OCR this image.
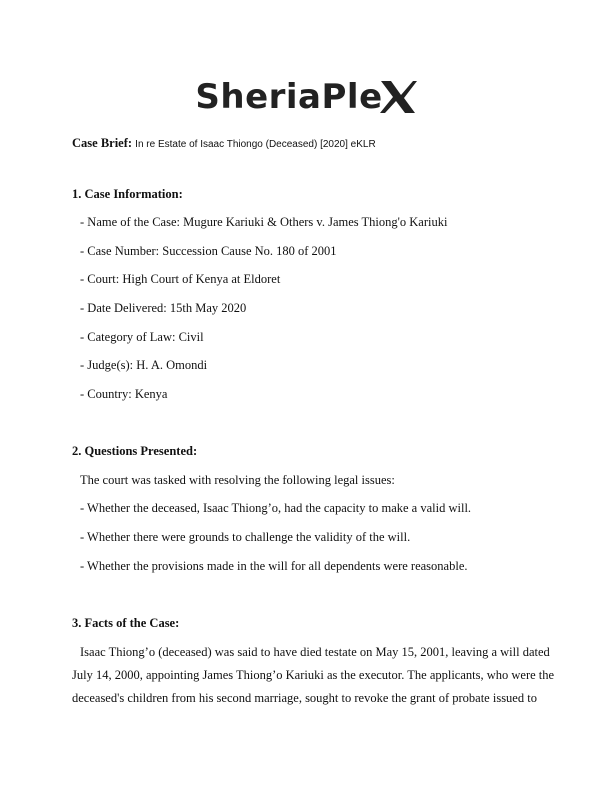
SheriaPle
Case Brief: In re Estate of Isaac Thiongo (Deceased) [2020] eKLR
1. Case Information:
- Name of the Case: Mugure Kariuki & Others v. James Thiong'o Kariuki
- Case Number: Succession Cause No. 180 of 2001
- Court: High Court of Kenya at Eldoret
- Date Delivered: 15th May 2020
- Category of Law: Civil
- Judge(s): H. A. Omondi
- Country: Kenya
2. Questions Presented:
The court was tasked with resolving the following legal issues:
- Whether the deceased, Isaac Thiong’o, had the capacity to make a valid will.
- Whether there were grounds to challenge the validity of the will.
- Whether the provisions made in the will for all dependents were reasonable.
3. Facts of the Case:
Isaac Thiong’o (deceased) was said to have died testate on May 15, 2001, leaving a will dated
July 14, 2000, appointing James Thiong’o Kariuki as the executor. The applicants, who were the
deceased's children from his second marriage, sought to revoke the grant of probate issued to
